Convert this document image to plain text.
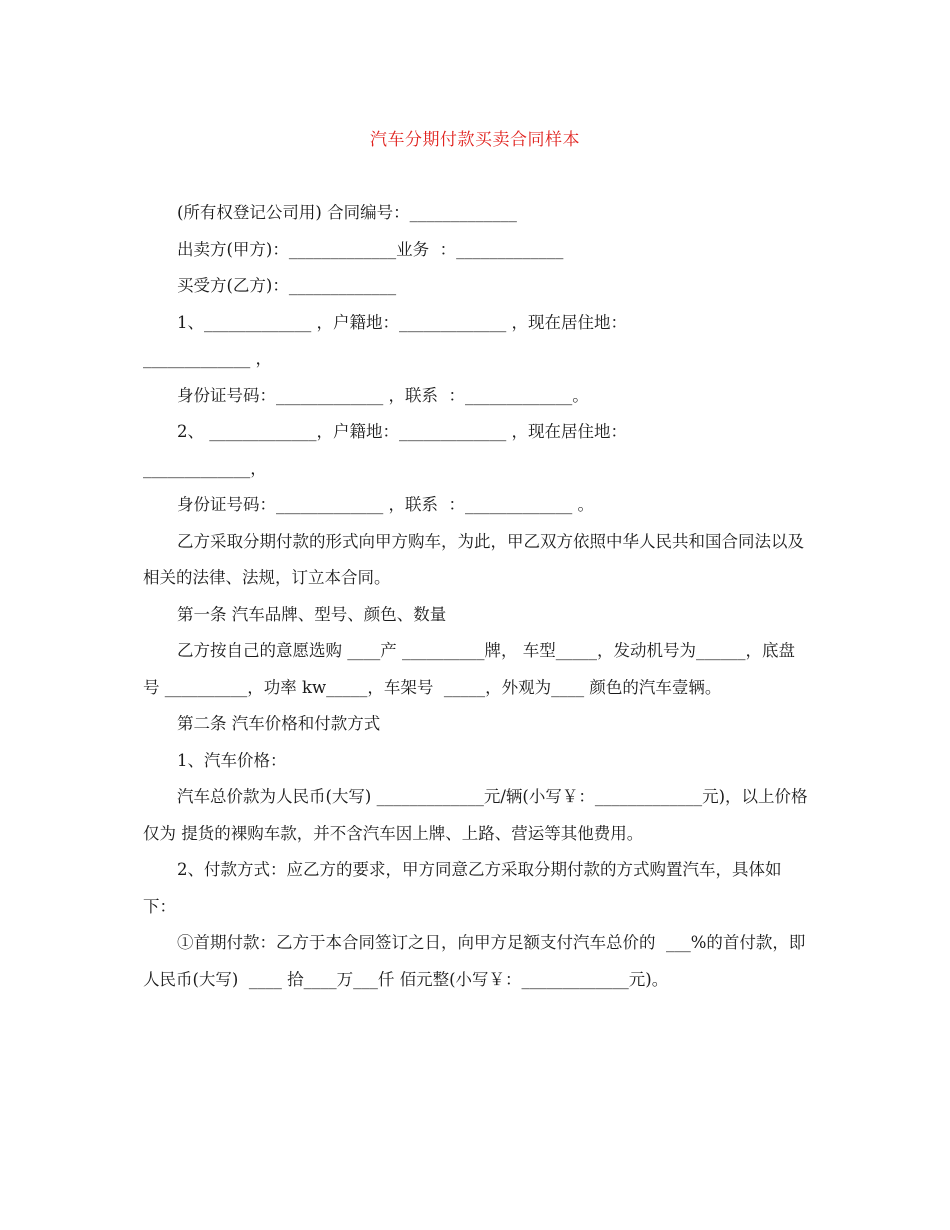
汽车分期付款买卖合同样本

(所有权登记公司用) 合同编号：_____________

出卖方(甲方)：_____________业务  ：_____________

买受方(乙方)：_____________

1、_____________ ，户籍地：_____________ ，现在居住地：

_____________ ，

身份证号码：_____________ ，联系  ：_____________。

2、 _____________，户籍地：_____________ ，现在居住地：

_____________，

身份证号码：_____________ ，联系  ：_____________ 。

乙方采取分期付款的形式向甲方购车，为此，甲乙双方依照中华人民共和国合同法以及相关的法律、法规，订立本合同。

第一条 汽车品牌、型号、颜色、数量

乙方按自己的意愿选购 ____产 __________牌， 车型_____，发动机号为______，底盘号 __________，功率 kw_____，车架号  _____，外观为____ 颜色的汽车壹辆。

第二条 汽车价格和付款方式

1、汽车价格：

汽车总价款为人民币(大写) _____________元/辆(小写￥：_____________元)，以上价格仅为 提货的裸购车款，并不含汽车因上牌、上路、营运等其他费用。

2、付款方式：应乙方的要求，甲方同意乙方采取分期付款的方式购置汽车，具体如下：

①首期付款：乙方于本合同签订之日，向甲方足额支付汽车总价的  ___%的首付款，即人民币(大写)  ____ 拾____万___仟 佰元整(小写￥：_____________元)。
